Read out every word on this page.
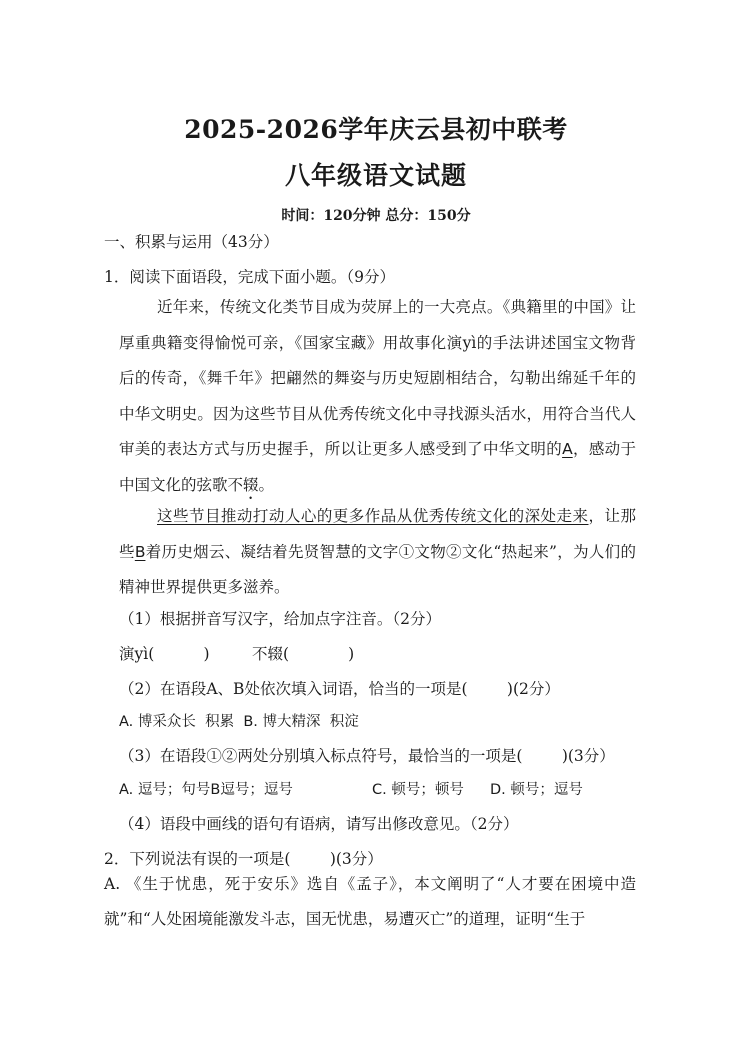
2025-2026学年庆云县初中联考
八年级语文试题
时间：120分钟 总分：150分
一、积累与运用（43分）
1．阅读下面语段，完成下面小题。（9分）
近年来，传统文化类节目成为荧屏上的一大亮点。《典籍里的中国》让厚重典籍变得愉悦可亲，《国家宝藏》用故事化演yì的手法讲述国宝文物背后的传奇，《舞千年》把翩然的舞姿与历史短剧相结合，勾勒出绵延千年的中华文明史。因为这些节目从优秀传统文化中寻找源头活水，用符合当代人审美的表达方式与历史握手，所以让更多人感受到了中华文明的A，感动于中国文化的弦歌不辍。
这些节目推动打动人心的更多作品从优秀传统文化的深处走来，让那些B着历史烟云、凝结着先贤智慧的文字①文物②文化“热起来”，为人们的精神世界提供更多滋养。
（1）根据拼音写汉字，给加点字注音。（2分）
演yì(          )	不辍(            )
（2）在语段A、B处依次填入词语，恰当的一项是(        )(2分）
A. 博采众长  积累  B. 博大精深  积淀
（3）在语段①②两处分别填入标点符号，最恰当的一项是(        )(3分）
A. 逗号；句号B逗号；逗号	C. 顿号；顿号 D. 顿号；逗号
（4）语段中画线的语句有语病，请写出修改意见。（2分）
2．下列说法有误的一项是(        )(3分）
A. 《生于忧患，死于安乐》选自《孟子》，本文阐明了“人才要在困境中造就”和“人处困境能激发斗志，国无忧患，易遭灭亡”的道理，证明“生于
